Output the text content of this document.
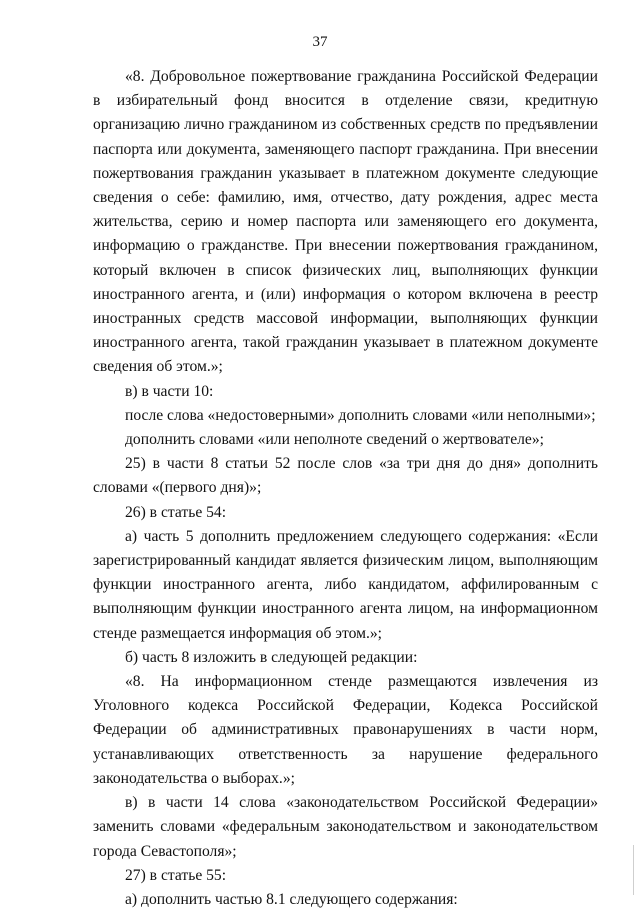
37

«8. Добровольное пожертвование гражданина Российской Федерации в избирательный фонд вносится в отделение связи, кредитную организацию лично гражданином из собственных средств по предъявлении паспорта или документа, заменяющего паспорт гражданина. При внесении пожертвования гражданин указывает в платежном документе следующие сведения о себе: фамилию, имя, отчество, дату рождения, адрес места жительства, серию и номер паспорта или заменяющего его документа, информацию о гражданстве. При внесении пожертвования гражданином, который включен в список физических лиц, выполняющих функции иностранного агента, и (или) информация о котором включена в реестр иностранных средств массовой информации, выполняющих функции иностранного агента, такой гражданин указывает в платежном документе сведения об этом.»;

в) в части 10:

после слова «недостоверными» дополнить словами «или неполными»;

дополнить словами «или неполноте сведений о жертвователе»;

25) в части 8 статьи 52 после слов «за три дня до дня» дополнить словами «(первого дня)»;

26) в статье 54:

а) часть 5 дополнить предложением следующего содержания: «Если зарегистрированный кандидат является физическим лицом, выполняющим функции иностранного агента, либо кандидатом, аффилированным с выполняющим функции иностранного агента лицом, на информационном стенде размещается информация об этом.»;

б) часть 8 изложить в следующей редакции:

«8. На информационном стенде размещаются извлечения из Уголовного кодекса Российской Федерации, Кодекса Российской Федерации об административных правонарушениях в части норм, устанавливающих ответственность за нарушение федерального законодательства о выборах.»;

в) в части 14 слова «законодательством Российской Федерации» заменить словами «федеральным законодательством и законодательством города Севастополя»;

27) в статье 55:

а) дополнить частью 8.1 следующего содержания:
